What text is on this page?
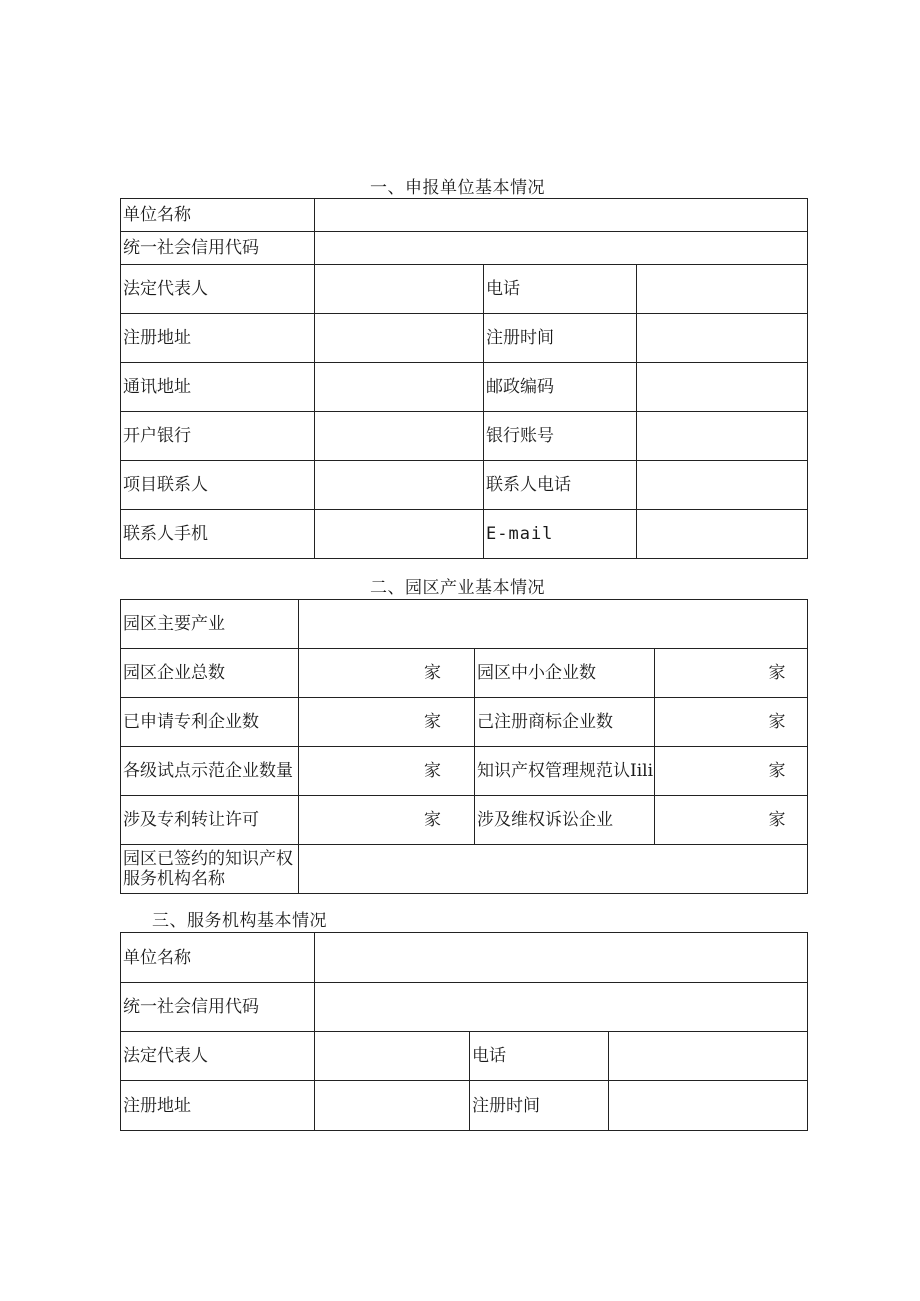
一、申报单位基本情况
单位名称			
统一社会信用代码			
法定代表人		电话	
注册地址		注册时间	
通讯地址		邮政编码	
开户银行		银行账号	
项目联系人		联系人电话	
联系人手机		E-mail	
二、园区产业基本情况
园区主要产业			
园区企业总数	家	园区中小企业数	家
已申请专利企业数	家	己注册商标企业数	家
各级试点示范企业数量	家	知识产权管理规范认Iili	家
涉及专利转让许可	家	涉及维权诉讼企业	家
园区已签约的知识产权服务机构名称			
三、服务机构基本情况
单位名称			
统一社会信用代码			
法定代表人		电话	
注册地址		注册时间	
